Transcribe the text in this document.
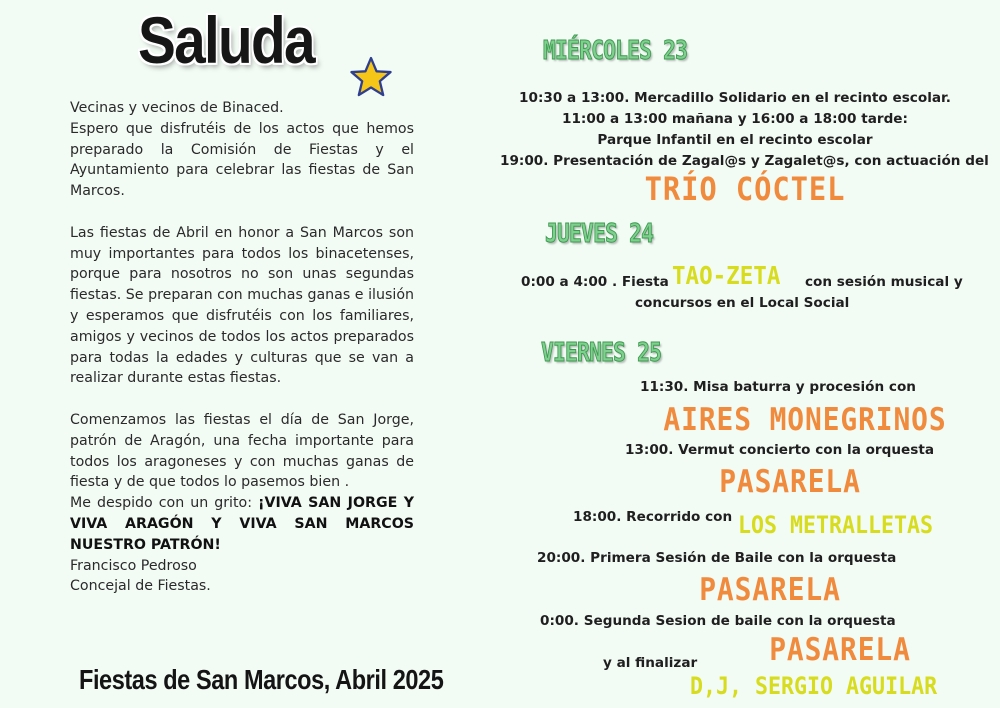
Saluda

Vecinas y vecinos de Binaced.

Espero que disfrutéis de los actos que hemos preparado la Comisión de Fiestas y el Ayuntamiento para celebrar las fiestas de San Marcos.

Las fiestas de Abril en honor a San Marcos son muy importantes para todos los binacetenses, porque para nosotros no son unas segundas fiestas. Se preparan con muchas ganas e ilusión y esperamos que disfrutéis con los familiares, amigos y vecinos de todos los actos preparados para todas la edades y culturas que se van a realizar durante estas fiestas.

Comenzamos las fiestas el día de San Jorge, patrón de Aragón, una fecha importante para todos los aragoneses y con muchas ganas de fiesta y de que todos lo pasemos bien .

Me despido con un grito: ¡VIVA SAN JORGE Y VIVA ARAGÓN Y VIVA SAN MARCOS NUESTRO PATRÓN!

Francisco Pedroso

Concejal de Fiestas.

Fiestas de San Marcos, Abril 2025
MIÉRCOLES 23
10:30 a 13:00. Mercadillo Solidario en el recinto escolar.
11:00 a 13:00 mañana y 16:00 a 18:00 tarde:
Parque Infantil en el recinto escolar
19:00. Presentación de Zagal@s y Zagalet@s, con actuación del
TRÍO CÓCTEL
JUEVES 24
0:00 a 4:00 . Fiesta TAO-ZETA con sesión musical y
concursos en el Local Social
VIERNES 25
11:30. Misa baturra y procesión con
AIRES MONEGRINOS
13:00. Vermut concierto con la orquesta
PASARELA
18:00. Recorrido con LOS METRALLETAS
20:00. Primera Sesión de Baile con la orquesta
PASARELA
0:00. Segunda Sesion de baile con la orquesta
PASARELA
y al finalizar
D,J, SERGIO AGUILAR
